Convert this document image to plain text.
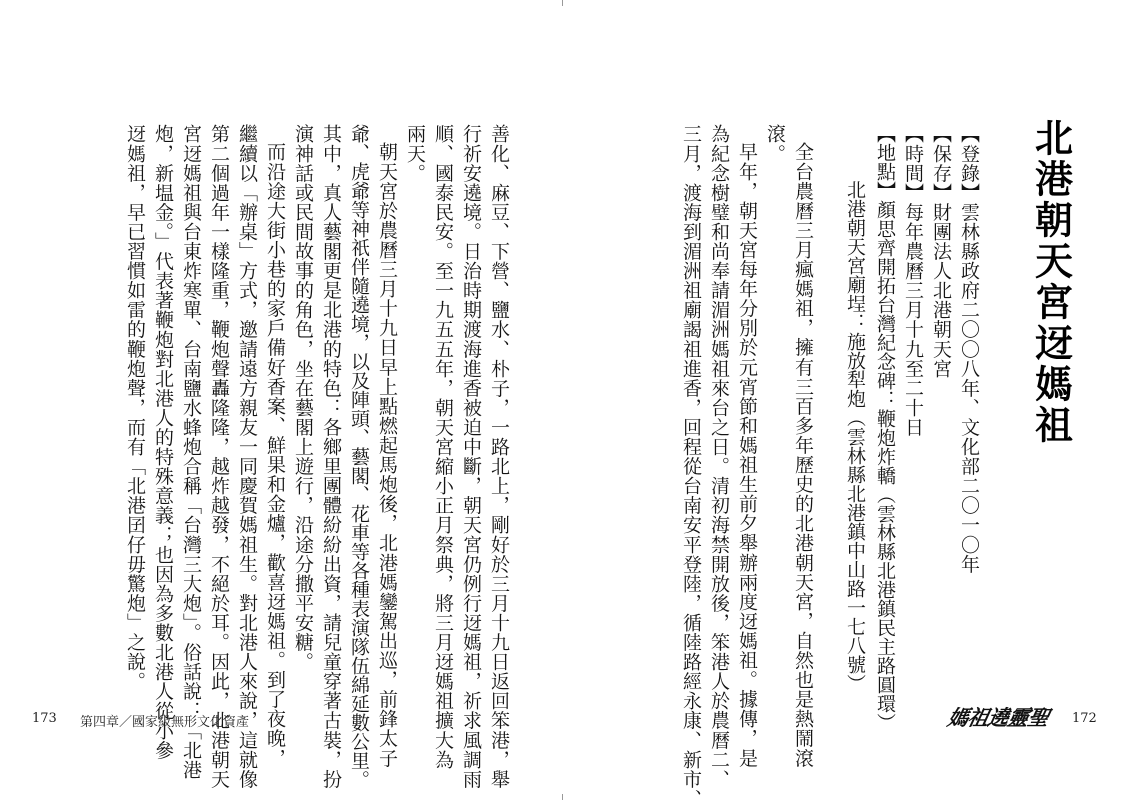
北港朝天宮迓媽祖
【登錄】雲林縣政府二〇〇八年、文化部二〇一〇年
【保存】財團法人北港朝天宮
【時間】每年農曆三月十九至二十日
【地點】顏思齊開拓台灣紀念碑：鞭炮炸轎（雲林縣北港鎮民主路圓環）
北港朝天宮廟埕：施放犁炮（雲林縣北港鎮中山路一七八號）
全台農曆三月瘋媽祖，擁有三百多年歷史的北港朝天宮，自然也是熱鬧滾
滾。
早年，朝天宮每年分別於元宵節和媽祖生前夕舉辦兩度迓媽祖。據傳，是
為紀念樹璧和尚奉請湄洲媽祖來台之日。清初海禁開放後，笨港人於農曆二、
三月，渡海到湄洲祖廟謁祖進香，回程從台南安平登陸，循陸路經永康、新市、
善化、麻豆、下營、鹽水、朴子，一路北上，剛好於三月十九日返回笨港，舉
行祈安遶境。日治時期渡海進香被迫中斷，朝天宮仍例行迓媽祖，祈求風調雨
順、國泰民安。至一九五五年，朝天宮縮小正月祭典，將三月迓媽祖擴大為
兩天。
朝天宮於農曆三月十九日早上點燃起馬炮後，北港媽鑾駕出巡，前鋒太子
爺、虎爺等神祇伴隨遶境，以及陣頭、藝閣、花車等各種表演隊伍綿延數公里。
其中，真人藝閣更是北港的特色：各鄉里團體紛紛出資，請兒童穿著古裝，扮
演神話或民間故事的角色，坐在藝閣上遊行，沿途分撒平安糖。
而沿途大街小巷的家戶備好香案、鮮果和金爐，歡喜迓媽祖。到了夜晚，
繼續以「辦桌」方式，邀請遠方親友一同慶賀媽祖生。對北港人來說，這就像
第二個過年一樣隆重，鞭炮聲轟隆隆，越炸越發，不絕於耳。因此，北港朝天
宮迓媽祖與台東炸寒單、台南鹽水蜂炮合稱「台灣三大炮」。俗話說：「北港
炮，新塭金。」代表著鞭炮對北港人的特殊意義；也因為多數北港人從小參
迓媽祖，早已習慣如雷的鞭炮聲，而有「北港囝仔毋驚炮」之說。
173 第四章／國家級無形文化資產	媽祖遶靈聖 172
